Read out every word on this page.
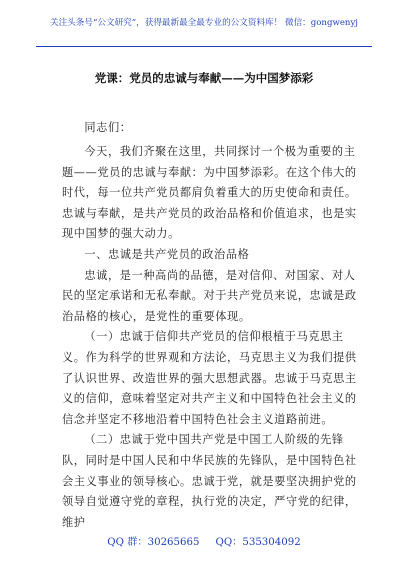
关注头条号“公文研究”，获得最新最全最专业的公文资料库！ 微信：gongwenyj
党课：党员的忠诚与奉献——为中国梦添彩

同志们：

今天，我们齐聚在这里，共同探讨一个极为重要的主题——党员的忠诚与奉献：为中国梦添彩。在这个伟大的时代，每一位共产党员都肩负着重大的历史使命和责任。忠诚与奉献，是共产党员的政治品格和价值追求，也是实现中国梦的强大动力。

一、忠诚是共产党员的政治品格

忠诚，是一种高尚的品德，是对信仰、对国家、对人民的坚定承诺和无私奉献。对于共产党员来说，忠诚是政治品格的核心，是党性的重要体现。

（一）忠诚于信仰共产党员的信仰根植于马克思主义。作为科学的世界观和方法论，马克思主义为我们提供了认识世界、改造世界的强大思想武器。忠诚于马克思主义的信仰，意味着坚定对共产主义和中国特色社会主义的信念并坚定不移地沿着中国特色社会主义道路前进。

（二）忠诚于党中国共产党是中国工人阶级的先锋队，同时是中国人民和中华民族的先锋队，是中国特色社会主义事业的领导核心。忠诚于党，就是要坚决拥护党的领导自觉遵守党的章程，执行党的决定，严守党的纪律，维护

QQ 群：30265665 QQ：535304092
